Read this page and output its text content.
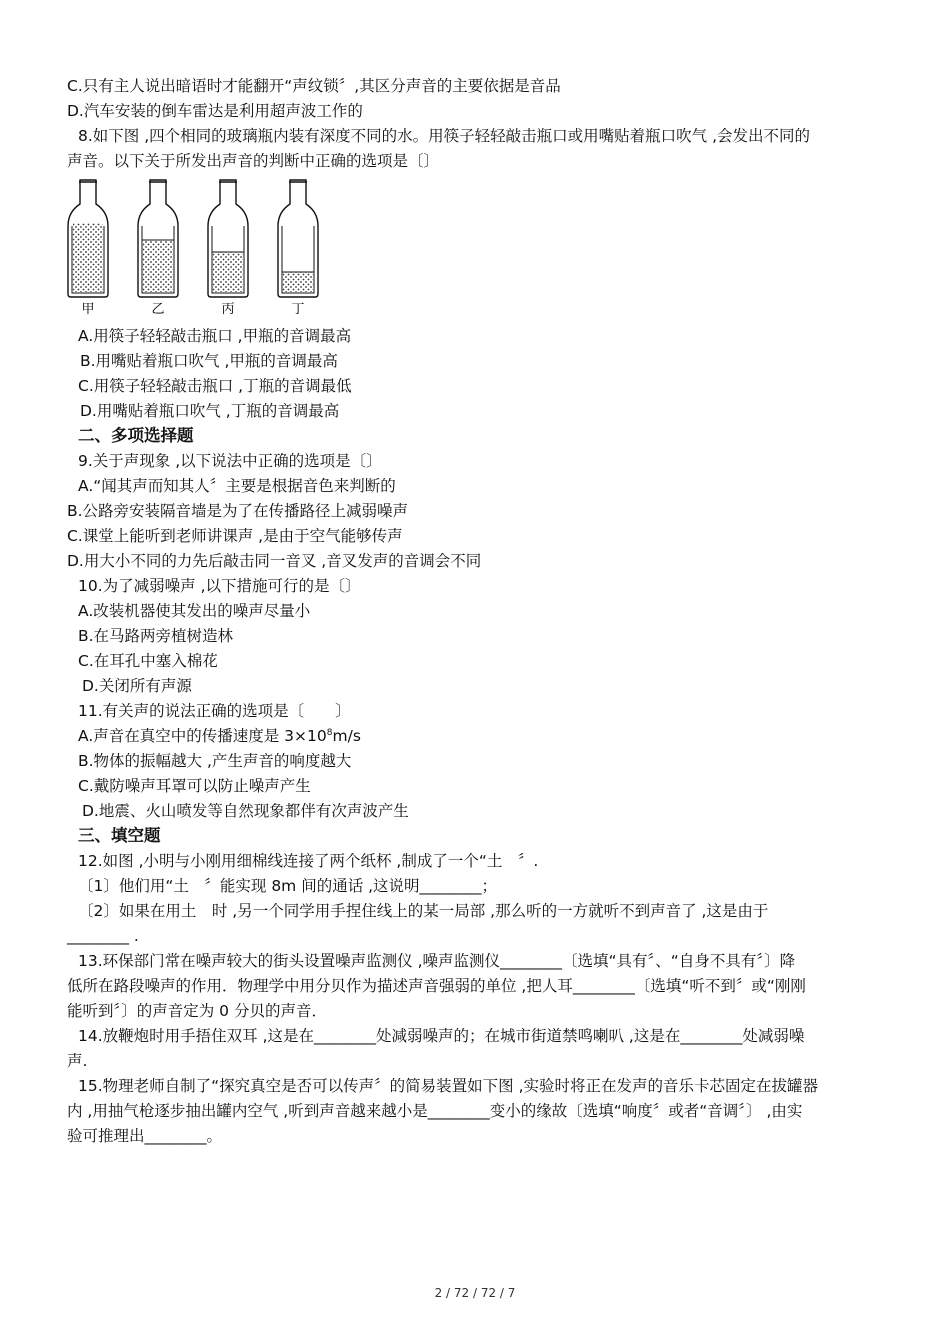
C.只有主人说出暗语时才能翻开“声纹锁〞,其区分声音的主要依据是音品
D.汽车安装的倒车雷达是利用超声波工作的
8.如下图 ,四个相同的玻璃瓶内装有深度不同的水。用筷子轻轻敲击瓶口或用嘴贴着瓶口吹气 ,会发出不同的
声音。以下关于所发出声音的判断中正确的选项是〔〕
甲	乙	丙	丁
A.用筷子轻轻敲击瓶口 ,甲瓶的音调最高
B.用嘴贴着瓶口吹气 ,甲瓶的音调最高
C.用筷子轻轻敲击瓶口 ,丁瓶的音调最低
D.用嘴贴着瓶口吹气 ,丁瓶的音调最高
二、多项选择题
9.关于声现象 ,以下说法中正确的选项是〔〕
A.“闻其声而知其人〞主要是根据音色来判断的
B.公路旁安装隔音墙是为了在传播路径上减弱噪声
C.课堂上能听到老师讲课声 ,是由于空气能够传声
D.用大小不同的力先后敲击同一音叉 ,音叉发声的音调会不同
10.为了减弱噪声 ,以下措施可行的是〔〕
A.改装机器使其发出的噪声尽量小
B.在马路两旁植树造林
C.在耳孔中塞入棉花
D.关闭所有声源
11.有关声的说法正确的选项是〔　　〕
A.声音在真空中的传播速度是 $3\times 10^8m/s$
B.物体的振幅越大 ,产生声音的响度越大
C.戴防噪声耳罩可以防止噪声产生
D.地震、火山喷发等自然现象都伴有次声波产生
三、填空题
12.如图 ,小明与小刚用细棉线连接了两个纸杯 ,制成了一个“土　〞.
〔1〕他们用“土　〞能实现 8m 间的通话 ,这说明________；
〔2〕如果在用土　时 ,另一个同学用手捏住线上的某一局部 ,那么听的一方就听不到声音了 ,这是由于
________ .
13.环保部门常在噪声较大的街头设置噪声监测仪 ,噪声监测仪________〔选填“具有〞、“自身不具有〞〕降
低所在路段噪声的作用．物理学中用分贝作为描述声音强弱的单位 ,把人耳________〔选填“听不到〞或“刚刚
能听到〞〕的声音定为 0 分贝的声音．
14.放鞭炮时用手捂住双耳 ,这是在________处减弱噪声的；在城市街道禁鸣喇叭 ,这是在________处减弱噪
声.
15.物理老师自制了“探究真空是否可以传声〞的简易装置如下图 ,实验时将正在发声的音乐卡芯固定在拔罐器
内 ,用抽气枪逐步抽出罐内空气 ,听到声音越来越小是________变小的缘故〔选填“响度〞或者“音调〞〕 ,由实
验可推理出________。
2 / 72 / 72 / 7
